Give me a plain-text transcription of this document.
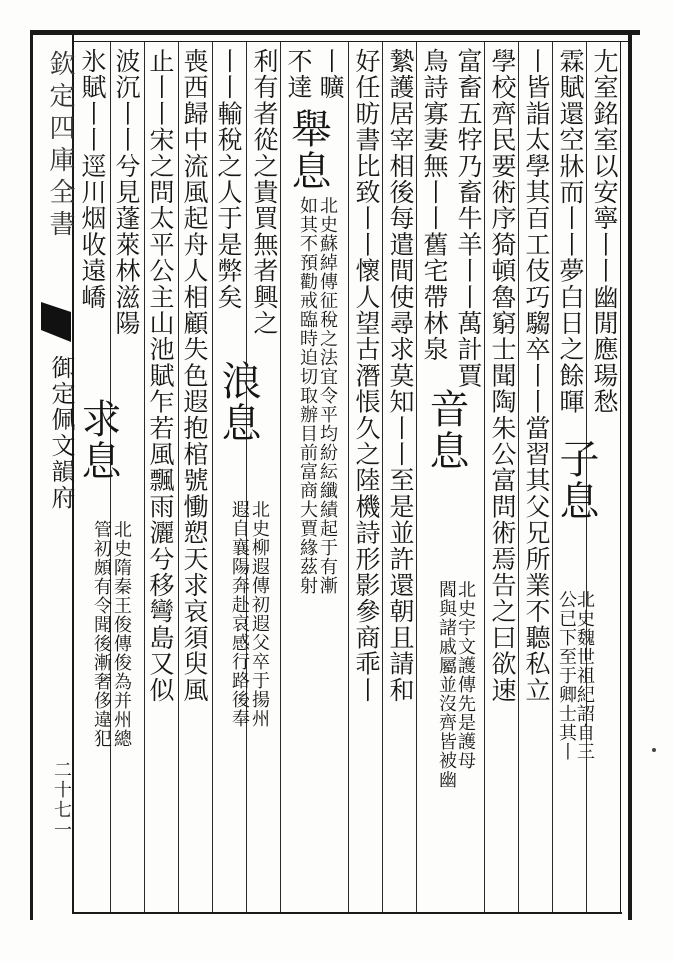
欽定四庫全書
御定佩文韻府
二十七一
尢室銘室以安寧丨丨幽閒應瑒愁
霖賦還空牀而丨丨夢白日之餘暉
子息
北史魏世祖紀詔自三
公已下至于卿士其丨
丨皆詣太學其百工伎巧騶卒丨丨當習其父兄所業不聽私立
學校齊民要術序猗頓魯窮士聞陶朱公富問術焉告之曰欲速
富畜五牸乃畜牛羊丨丨萬計賈
音息
北史宇文護傳先是護母
閻與諸戚屬並沒齊皆被幽
鳥詩寡妻無丨丨舊宅帶林泉
縶護居宰相後每遣間使尋求莫知丨丨至是並許還朝且請和
好任昉書比致丨丨懷人望古潛悵久之陸機詩形影參商乖丨
丨曠
舉息
北史蘇綽傳征稅之法宜令平均紛紜纖績起于有漸
如其不預勸戒臨時迫切取辦目前富商大賈緣茲射
不達
利有者從之貴買無者興之
浪息
北史柳遐傳初遐父卒于揚州
遐自襄陽奔赴哀感行路後奉
丨丨輸稅之人于是弊矣
喪西歸中流風起舟人相顧失色遐抱棺號慟愬天求哀須臾風
止丨丨宋之問太平公主山池賦乍若風飄雨灑兮移彎島又似
波沉丨丨兮見蓬萊林滋陽
求息
北史隋秦王俊傳俊為并州總
管初頗有令聞後漸奢侈違犯
氷賦丨丨逕川烟收遠嶠
